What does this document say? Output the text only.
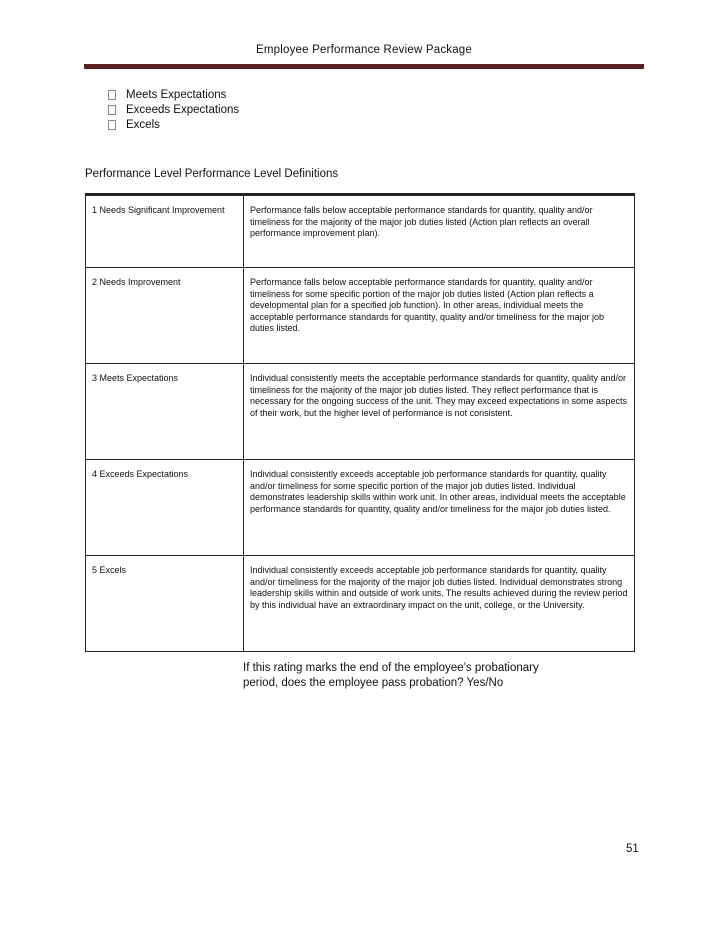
Employee Performance Review Package
Meets Expectations
Exceeds Expectations
Excels
Performance Level Performance Level Definitions
1 Needs Significant Improvement	Performance falls below acceptable performance standards for quantity, quality and/or timeliness for the majority of the major job duties listed (Action plan reflects an overall performance improvement plan).
2 Needs Improvement	Performance falls below acceptable performance standards for quantity, quality and/or timeliness for some specific portion of the major job duties listed (Action plan reflects a developmental plan for a specified job function). In other areas, individual meets the acceptable performance standards for quantity, quality and/or timeliness for the major job duties listed.
3 Meets Expectations	Individual consistently meets the acceptable performance standards for quantity, quality and/or timeliness for the majority of the major job duties listed. They reflect performance that is necessary for the ongoing success of the unit. They may exceed expectations in some aspects of their work, but the higher level of performance is not consistent.
4 Exceeds Expectations	Individual consistently exceeds acceptable job performance standards for quantity, quality and/or timeliness for some specific portion of the major job duties listed. Individual demonstrates leadership skills within work unit. In other areas, individual meets the acceptable performance standards for quantity, quality and/or timeliness for the major job duties listed.
5 Excels	Individual consistently exceeds acceptable job performance standards for quantity, quality and/or timeliness for the majority of the major job duties listed. Individual demonstrates strong leadership skills within and outside of work units. The results achieved during the review period by this individual have an extraordinary impact on the unit, college, or the University.
If this rating marks the end of the employee’s probationary period, does the employee pass probation? Yes/No
51
